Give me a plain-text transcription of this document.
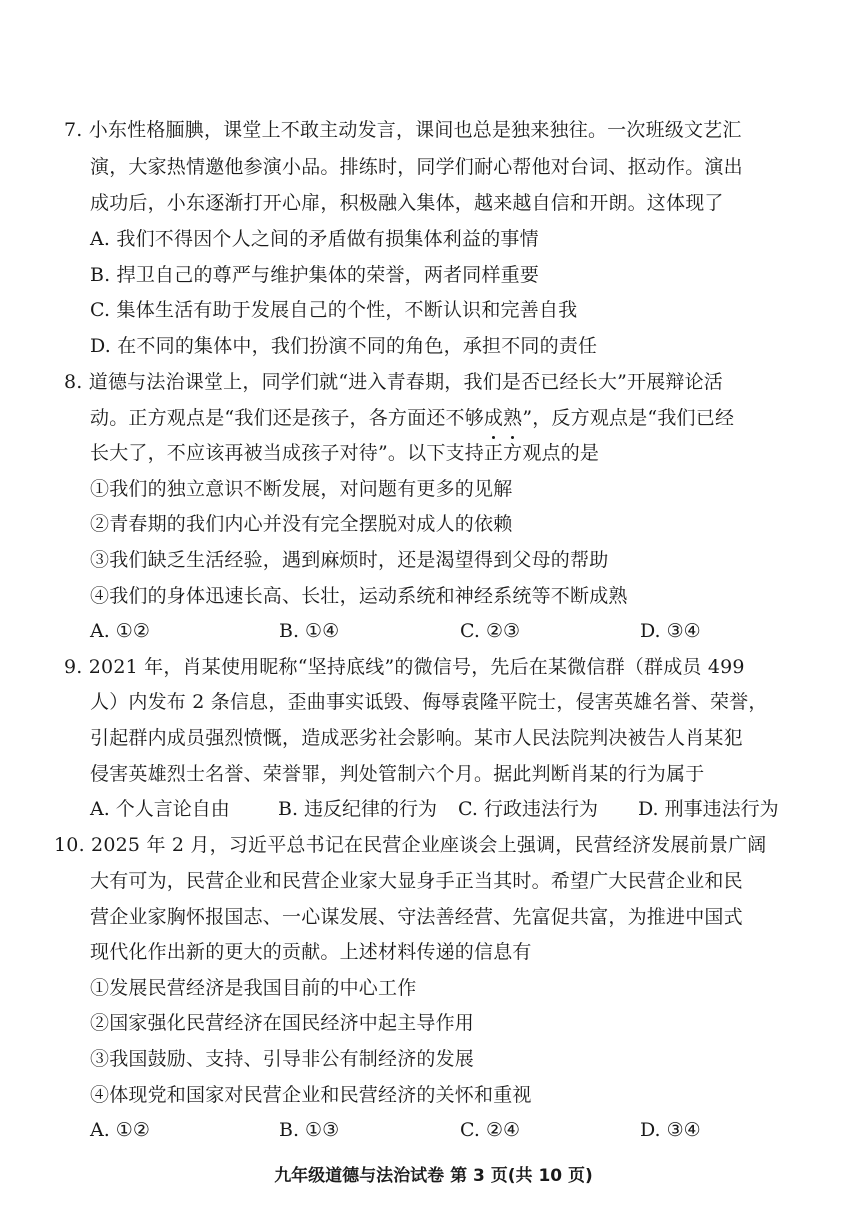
7. 小东性格腼腆，课堂上不敢主动发言，课间也总是独来独往。一次班级文艺汇
演，大家热情邀他参演小品。排练时，同学们耐心帮他对台词、抠动作。演出
成功后，小东逐渐打开心扉，积极融入集体，越来越自信和开朗。这体现了
A. 我们不得因个人之间的矛盾做有损集体利益的事情
B. 捍卫自己的尊严与维护集体的荣誉，两者同样重要
C. 集体生活有助于发展自己的个性，不断认识和完善自我
D. 在不同的集体中，我们扮演不同的角色，承担不同的责任
8. 道德与法治课堂上，同学们就“进入青春期，我们是否已经长大”开展辩论活
动。正方观点是“我们还是孩子，各方面还不够成熟”，反方观点是“我们已经
长大了，不应该再被当成孩子对待”。以下支持正方
观点的是
①我们的独立意识不断发展，对问题有更多的见解
②青春期的我们内心并没有完全摆脱对成人的依赖
③我们缺乏生活经验，遇到麻烦时，还是渴望得到父母的帮助
④我们的身体迅速长高、长壮，运动系统和神经系统等不断成熟
A. ①②	B. ①④	C. ②③	D. ③④
9. 2021 年，肖某使用昵称“坚持底线”的微信号，先后在某微信群（群成员 499
人）内发布 2 条信息，歪曲事实诋毁、侮辱袁隆平院士，侵害英雄名誉、荣誉，
引起群内成员强烈愤慨，造成恶劣社会影响。某市人民法院判决被告人肖某犯
侵害英雄烈士名誉、荣誉罪，判处管制六个月。据此判断肖某的行为属于
A. 个人言论自由	B. 违反纪律的行为 C. 行政违法行为 D. 刑事违法行为
10. 2025 年 2 月，习近平总书记在民营企业座谈会上强调，民营经济发展前景广阔
大有可为，民营企业和民营企业家大显身手正当其时。希望广大民营企业和民
营企业家胸怀报国志、一心谋发展、守法善经营、先富促共富，为推进中国式
现代化作出新的更大的贡献。上述材料传递的信息有
①发展民营经济是我国目前的中心工作
②国家强化民营经济在国民经济中起主导作用
③我国鼓励、支持、引导非公有制经济的发展
④体现党和国家对民营企业和民营经济的关怀和重视
A. ①②	B. ①③	C. ②④	D. ③④
九年级道德与法治试卷 第 3 页(共 10 页)
